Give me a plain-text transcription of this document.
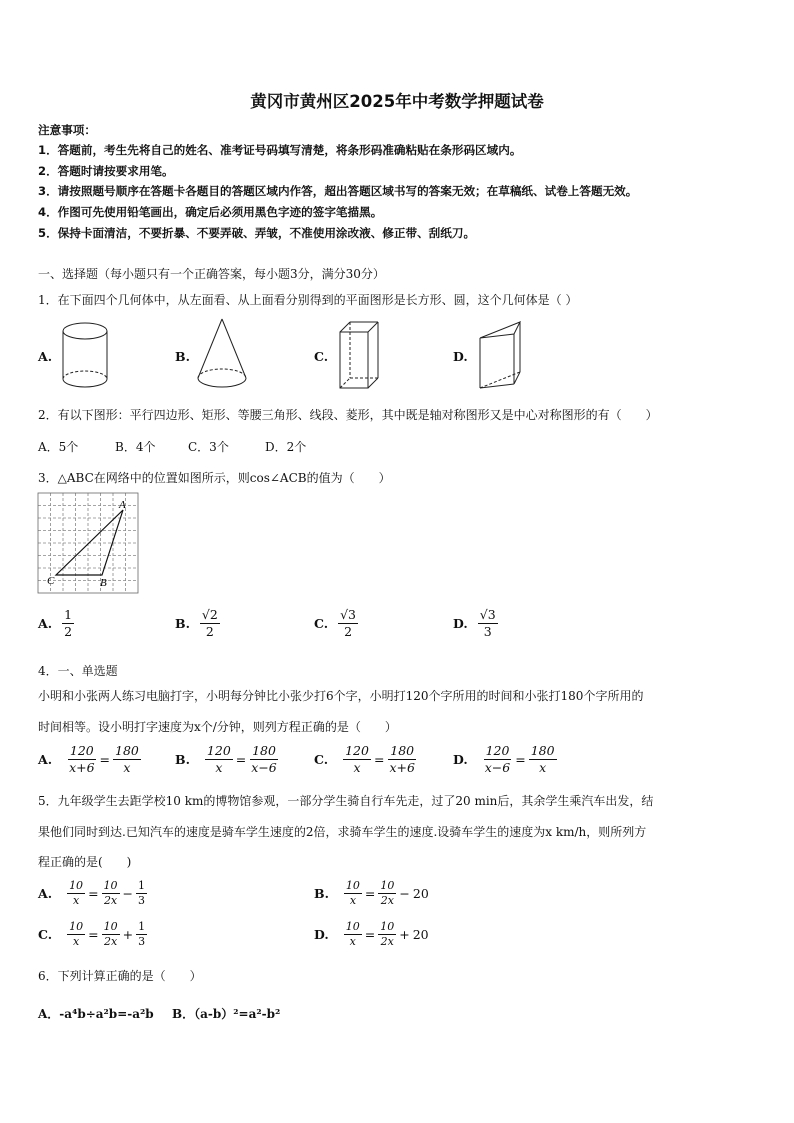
黄冈市黄州区2025年中考数学押题试卷
注意事项：
1．答题前，考生先将自己的姓名、准考证号码填写清楚，将条形码准确粘贴在条形码区域内。
2．答题时请按要求用笔。
3．请按照题号顺序在答题卡各题目的答题区域内作答，超出答题区域书写的答案无效；在草稿纸、试卷上答题无效。
4．作图可先使用铅笔画出，确定后必须用黑色字迹的签字笔描黑。
5．保持卡面清洁，不要折暴、不要弄破、弄皱，不准使用涂改液、修正带、刮纸刀。
一、选择题（每小题只有一个正确答案，每小题3分，满分30分）
1．在下面四个几何体中，从左面看、从上面看分别得到的平面图形是长方形、圆，这个几何体是（ ）
A.	B.	C.	D.
2．有以下图形：平行四边形、矩形、等腰三角形、线段、菱形，其中既是轴对称图形又是中心对称图形的有（　　）
A．5个	B．4个	C．3个	D．2个
3．△ABC在网络中的位置如图所示，则cos∠ACB的值为（　　）
A
B
C
A. $\frac{1}{2}$	B. $\frac{√2}{2}$	C. $\frac{√3}{2}$	D. $\frac{√3}{3}$
4．一、单选题
小明和小张两人练习电脑打字，小明每分钟比小张少打6个字，小明打120个字所用的时间和小张打180个字所用的
时间相等。设小明打字速度为x个/分钟，则列方程正确的是（　　）
A. $\frac{120}{x+6} = \frac{180}{x}$	B. $\frac{120}{x} = \frac{180}{x-6}$	C. $\frac{120}{x} = \frac{180}{x+6}$	D. $\frac{120}{x-6} = \frac{180}{x}$
5．九年级学生去距学校10 km的博物馆参观，一部分学生骑自行车先走，过了20 min后，其余学生乘汽车出发，结
果他们同时到达.已知汽车的速度是骑车学生速度的2倍，求骑车学生的速度.设骑车学生的速度为x km/h，则所列方
程正确的是(　　)
A. $\frac{10}{x} = \frac{10}{2x} - \frac{1}{3}$	B. $\frac{10}{x} = \frac{10}{2x} - 20$
C. $\frac{10}{x} = \frac{10}{2x} + \frac{1}{3}$	D. $\frac{10}{x} = \frac{10}{2x} + 20$
6．下列计算正确的是（　　）
A．-a⁴b÷a²b=-a²b B．（a-b）²=a²-b²
